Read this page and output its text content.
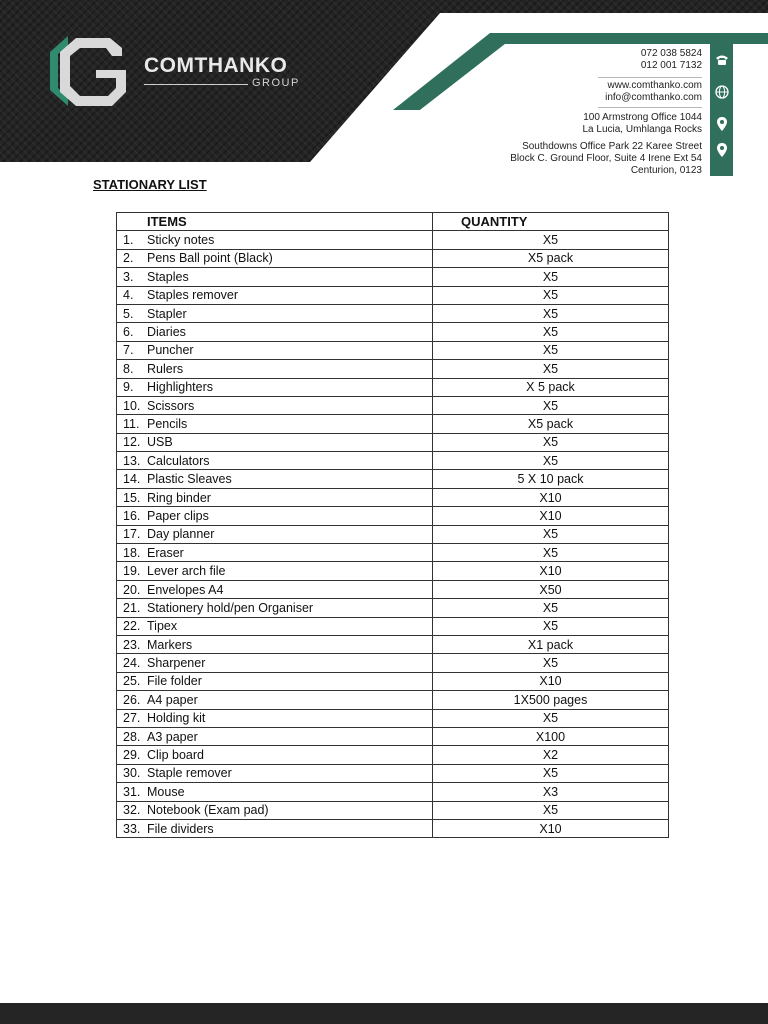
COMTHANKO
GROUP
072 038 5824
012 001 7132
www.comthanko.com
info@comthanko.com
100 Armstrong Office 1044
La Lucia, Umhlanga Rocks
Southdowns Office Park 22 Karee Street
Block C. Ground Floor, Suite 4 Irene Ext 54
Centurion, 0123
STATIONARY LIST
ITEMS	QUANTITY
1. Sticky notes	X5
2. Pens Ball point (Black)	X5 pack
3. Staples	X5
4. Staples remover	X5
5. Stapler	X5
6. Diaries	X5
7. Puncher	X5
8. Rulers	X5
9. Highlighters	X 5 pack
10. Scissors	X5
11. Pencils	X5 pack
12. USB	X5
13. Calculators	X5
14. Plastic Sleaves	5 X 10 pack
15. Ring binder	X10
16. Paper clips	X10
17. Day planner	X5
18. Eraser	X5
19. Lever arch file	X10
20. Envelopes A4	X50
21. Stationery hold/pen Organiser	X5
22. Tipex	X5
23. Markers	X1 pack
24. Sharpener	X5
25. File folder	X10
26. A4 paper	1X500 pages
27. Holding kit	X5
28. A3 paper	X100
29. Clip board	X2
30. Staple remover	X5
31. Mouse	X3
32. Notebook (Exam pad)	X5
33. File dividers	X10
